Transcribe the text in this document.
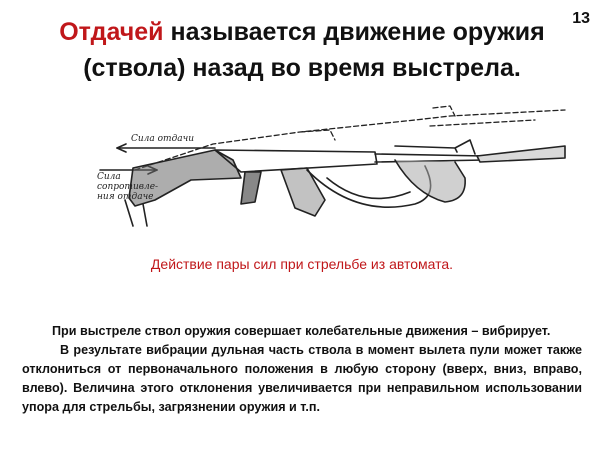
13
Отдачей называется движение оружия
(ствола) назад во время выстрела.
Сила отдачи
Сила
сопротивле-
ния отдаче
Действие пары сил при стрельбе из автомата.

При выстреле ствол оружия совершает колебательные движения – вибрирует.

В результате вибрации дульная часть ствола в момент вылета пули может также отклониться от первоначального положения в любую сторону (вверх, вниз, вправо, влево). Величина этого отклонения увеличивается при неправильном использовании упора для стрельбы, загрязнении оружия и т.п.
